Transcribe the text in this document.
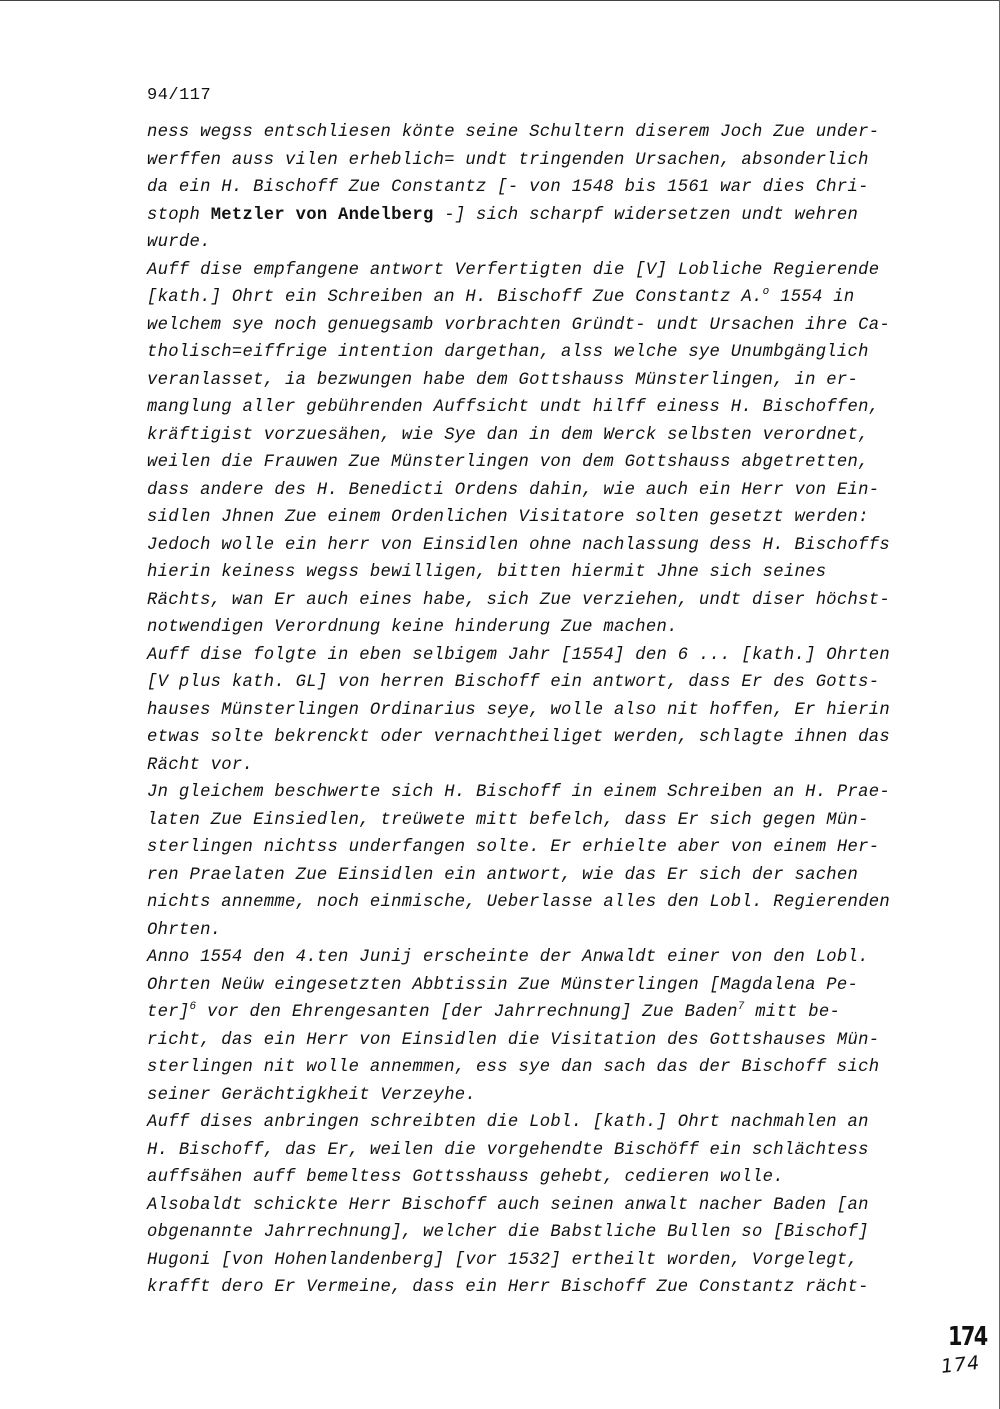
94/117
ness wegss entschliesen könte seine Schultern diserem Joch Zue under-
werffen auss vilen erheblich= undt tringenden Ursachen, absonderlich
da ein H. Bischoff Zue Constantz [- von 1548 bis 1561 war dies Chri-
stoph Metzler von Andelberg -] sich scharpf widersetzen undt wehren
wurde.
Auff dise empfangene antwort Verfertigten die [V] Lobliche Regierende
[kath.] Ohrt ein Schreiben an H. Bischoff Zue Constantz A.$^o$ 1554 in
welchem sye noch genuegsamb vorbrachten Gründt- undt Ursachen ihre Ca-
tholisch=eiffrige intention dargethan, alss welche sye Unumbgänglich
veranlasset, ia bezwungen habe dem Gottshauss Münsterlingen, in er-
manglung aller gebührenden Auffsicht undt hilff einess H. Bischoffen,
kräftigist vorzuesähen, wie Sye dan in dem Werck selbsten verordnet,
weilen die Frauwen Zue Münsterlingen von dem Gottshauss abgetretten,
dass andere des H. Benedicti Ordens dahin, wie auch ein Herr von Ein-
sidlen Jhnen Zue einem Ordenlichen Visitatore solten gesetzt werden:
Jedoch wolle ein herr von Einsidlen ohne nachlassung dess H. Bischoffs
hierin keiness wegss bewilligen, bitten hiermit Jhne sich seines
Rächts, wan Er auch eines habe, sich Zue verziehen, undt diser höchst-
notwendigen Verordnung keine hinderung Zue machen.
Auff dise folgte in eben selbigem Jahr [1554] den 6 ... [kath.] Ohrten
[V plus kath. GL] von herren Bischoff ein antwort, dass Er des Gotts-
hauses Münsterlingen Ordinarius seye, wolle also nit hoffen, Er hierin
etwas solte bekrenckt oder vernachtheiliget werden, schlagte ihnen das
Rächt vor.
Jn gleichem beschwerte sich H. Bischoff in einem Schreiben an H. Prae-
laten Zue Einsiedlen, treüwete mitt befelch, dass Er sich gegen Mün-
sterlingen nichtss underfangen solte. Er erhielte aber von einem Her-
ren Praelaten Zue Einsidlen ein antwort, wie das Er sich der sachen
nichts annemme, noch einmische, Ueberlasse alles den Lobl. Regierenden
Ohrten.
Anno 1554 den 4.ten Junij erscheinte der Anwaldt einer von den Lobl.
Ohrten Neüw eingesetzten Abbtissin Zue Münsterlingen [Magdalena Pe-
ter]$^6$ vor den Ehrengesanten [der Jahrrechnung] Zue Baden$^7$ mitt be-
richt, das ein Herr von Einsidlen die Visitation des Gottshauses Mün-
sterlingen nit wolle annemmen, ess sye dan sach das der Bischoff sich
seiner Gerächtigkheit Verzeyhe.
Auff dises anbringen schreibten die Lobl. [kath.] Ohrt nachmahlen an
H. Bischoff, das Er, weilen die vorgehendte Bischöff ein schlächtess
auffsähen auff bemeltess Gottsshauss gehebt, cedieren wolle.
Alsobaldt schickte Herr Bischoff auch seinen anwalt nacher Baden [an
obgenannte Jahrrechnung], welcher die Babstliche Bullen so [Bischof]
Hugoni [von Hohenlandenberg] [vor 1532] ertheilt worden, Vorgelegt,
krafft dero Er Vermeine, dass ein Herr Bischoff Zue Constantz rächt-
174
174
